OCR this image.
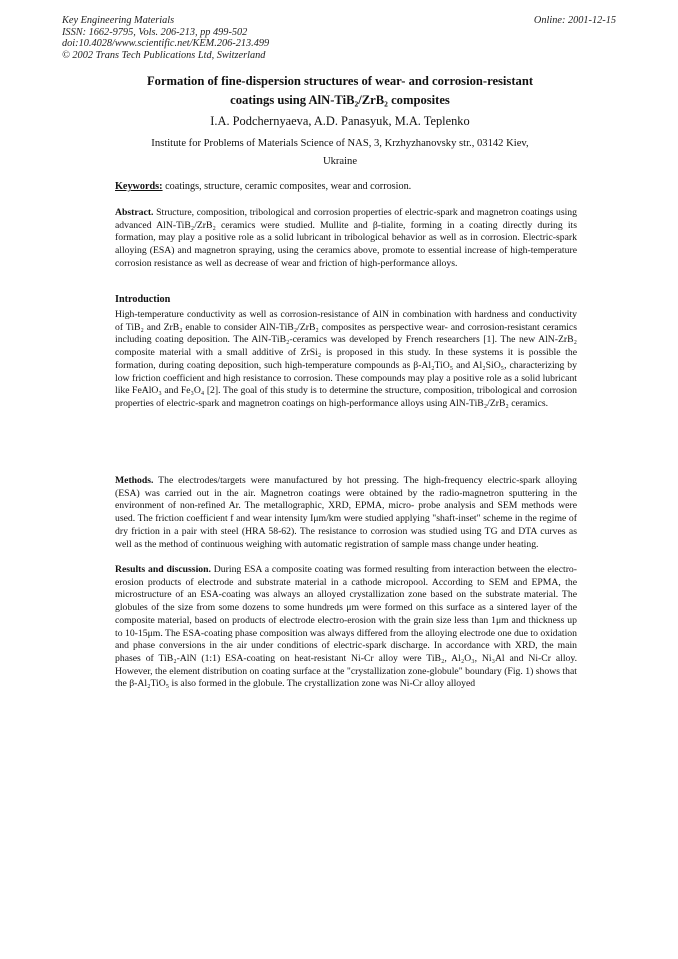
Key Engineering Materials
ISSN: 1662-9795, Vols. 206-213, pp 499-502
doi:10.4028/www.scientific.net/KEM.206-213.499
© 2002 Trans Tech Publications Ltd, Switzerland
Online: 2001-12-15
Formation of fine-dispersion structures of wear- and corrosion-resistant
coatings using AlN-TiB₂/ZrB₂ composites
I.A. Podchernyaeva, A.D. Panasyuk, M.A. Teplenko
Institute for Problems of Materials Science of NAS, 3, Krzhyzhanovsky str., 03142 Kiev,
Ukraine

Keywords: coatings, structure, ceramic composites, wear and corrosion.

Abstract. Structure, composition, tribological and corrosion properties of electric-spark and magnetron coatings using advanced AlN-TiB₂/ZrB₂ ceramics were studied. Mullite and β-tialite, forming in a coating directly during its formation, may play a positive role as a solid lubricant in tribological behavior as well as in corrosion. Electric-spark alloying (ESA) and magnetron spraying, using the ceramics above, promote to essential increase of high-temperature corrosion resistance as well as decrease of wear and friction of high-performance alloys.

Introduction

High-temperature conductivity as well as corrosion-resistance of AlN in combination with hardness and conductivity of TiB₂ and ZrB₂ enable to consider AlN-TiB₂/ZrB₂ composites as perspective wear- and corrosion-resistant ceramics including coating deposition. The AlN-TiB₂-ceramics was developed by French researchers [1]. The new AlN-ZrB₂ composite material with a small additive of ZrSi₂ is proposed in this study. In these systems it is possible the formation, during coating deposition, such high-temperature compounds as β-Al₂TiO₅ and Al₂SiO₅, characterizing by low friction coefficient and high resistance to corrosion. These compounds may play a positive role as a solid lubricant like FeAlO₃ and Fe₃O₄ [2]. The goal of this study is to determine the structure, composition, tribological and corrosion properties of electric-spark and magnetron coatings on high-performance alloys using AlN-TiB₂/ZrB₂ ceramics.

Methods. The electrodes/targets were manufactured by hot pressing. The high-frequency electric-spark alloying (ESA) was carried out in the air. Magnetron coatings were obtained by the radio-magnetron sputtering in the environment of non-refined Ar. The metallographic, XRD, EPMA, micro- probe analysis and SEM methods were used. The friction coefficient f and wear intensity Iμm/km were studied applying "shaft-inset" scheme in the regime of dry friction in a pair with steel (HRA 58-62). The resistance to corrosion was studied using TG and DTA curves as well as the method of continuous weighing with automatic registration of sample mass change under heating.

Results and discussion. During ESA a composite coating was formed resulting from interaction between the electro-erosion products of electrode and substrate material in a cathode micropool. According to SEM and EPMA, the microstructure of an ESA-coating was always an alloyed crystallization zone based on the substrate material. The globules of the size from some dozens to some hundreds μm were formed on this surface as a sintered layer of the composite material, based on products of electrode electro-erosion with the grain size less than 1μm and thickness up to 10-15μm. The ESA-coating phase composition was always differed from the alloying electrode one due to oxidation and phase conversions in the air under conditions of electric-spark discharge. In accordance with XRD, the main phases of TiB₂-AlN (1:1) ESA-coating on heat-resistant Ni-Cr alloy were TiB₂, Al₂O₃, Ni₃Al and Ni-Cr alloy. However, the element distribution on coating surface at the "crystallization zone-globule" boundary (Fig. 1) shows that the β-Al₂TiO₅ is also formed in the globule. The crystallization zone was Ni-Cr alloy alloyed
